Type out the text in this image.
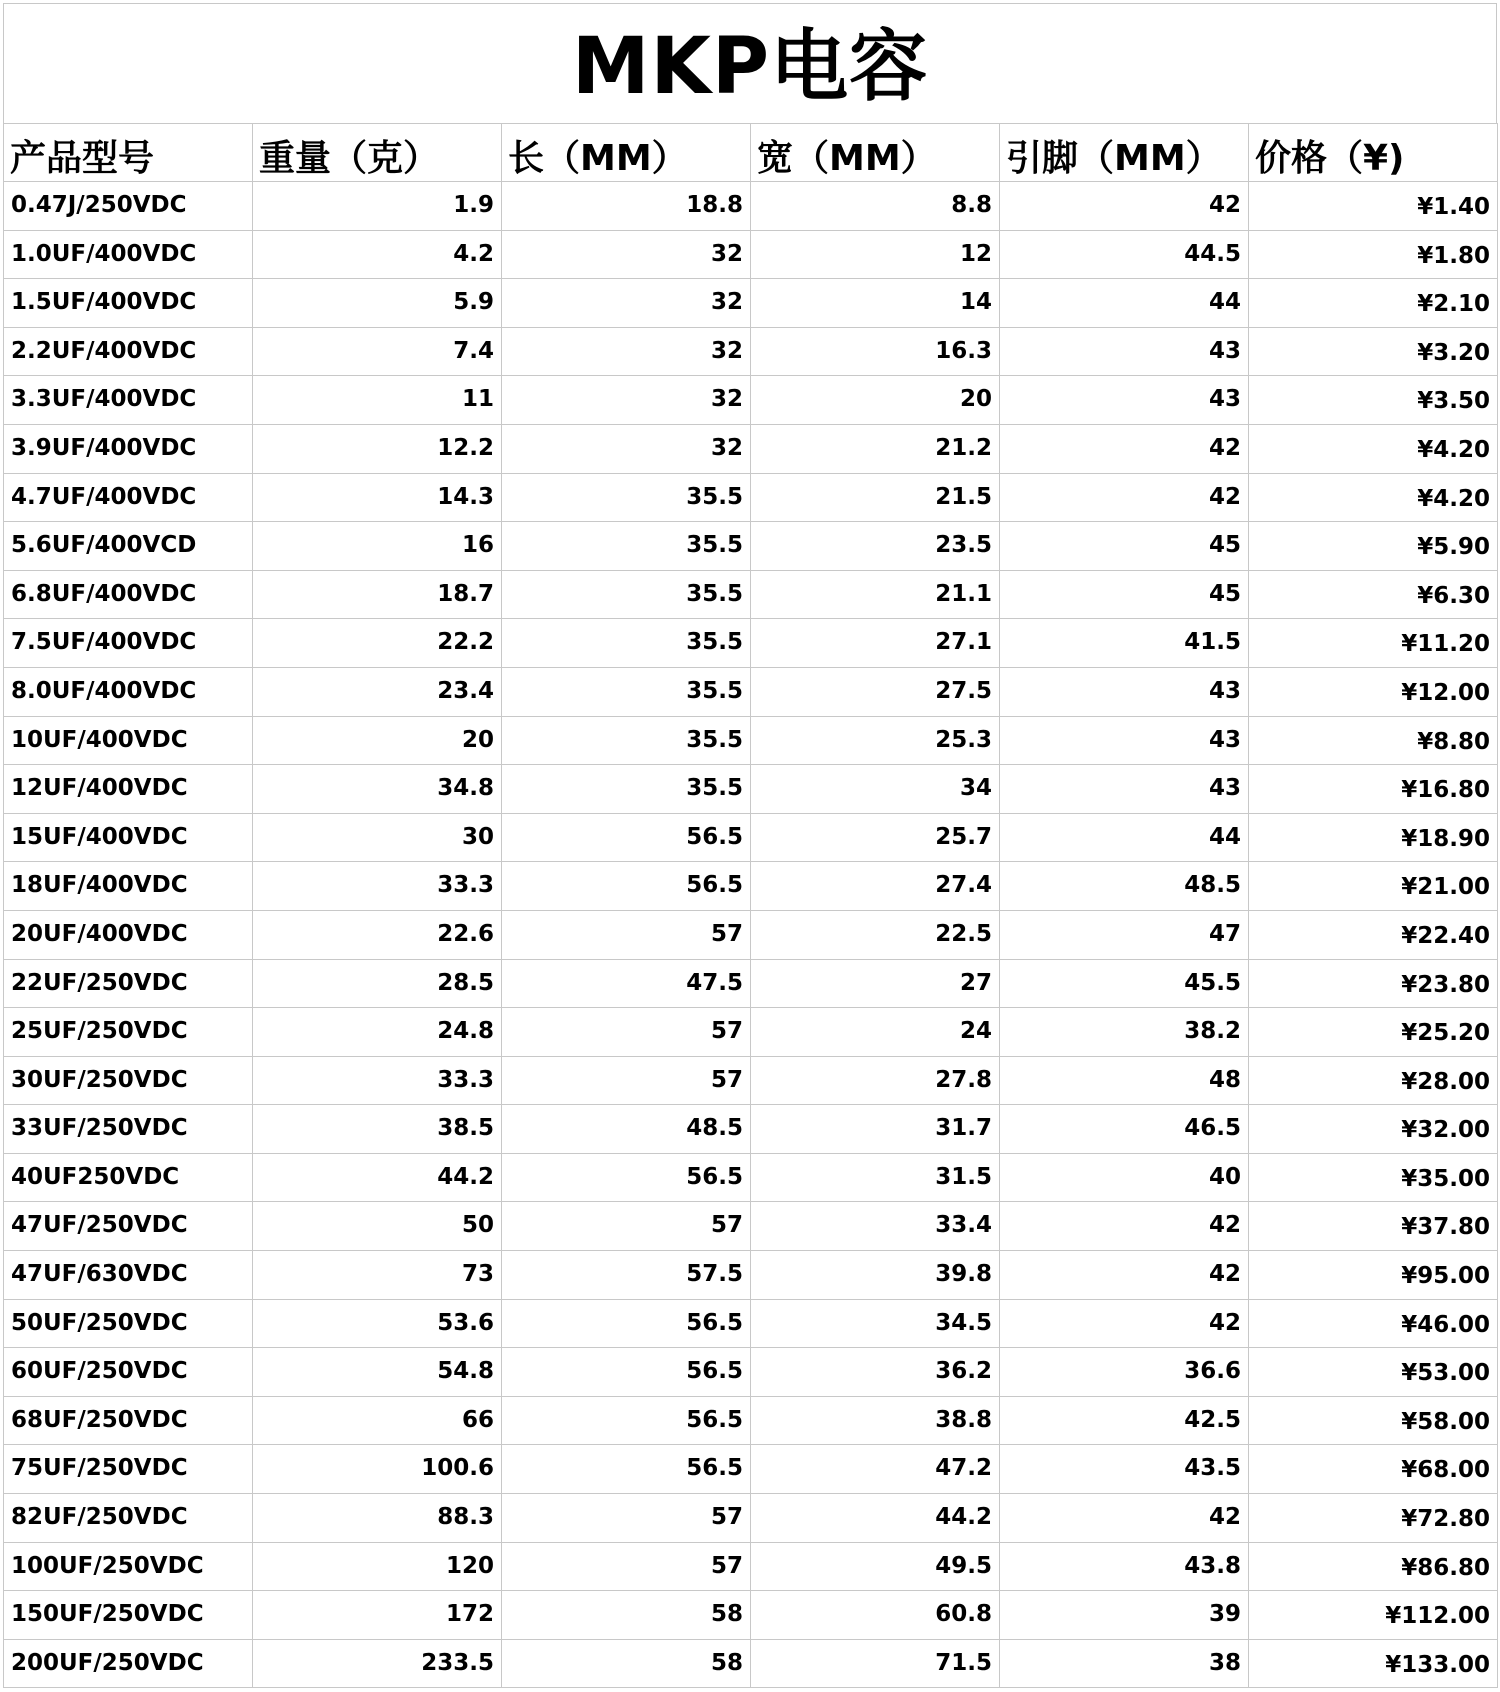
MKP电容
产品型号	重量（克）	长（MM）	宽（MM）	引脚（MM）	价格（¥)
0.47J/250VDC	1.9	18.8	8.8	42	¥1.40
1.0UF/400VDC	4.2	32	12	44.5	¥1.80
1.5UF/400VDC	5.9	32	14	44	¥2.10
2.2UF/400VDC	7.4	32	16.3	43	¥3.20
3.3UF/400VDC	11	32	20	43	¥3.50
3.9UF/400VDC	12.2	32	21.2	42	¥4.20
4.7UF/400VDC	14.3	35.5	21.5	42	¥4.20
5.6UF/400VCD	16	35.5	23.5	45	¥5.90
6.8UF/400VDC	18.7	35.5	21.1	45	¥6.30
7.5UF/400VDC	22.2	35.5	27.1	41.5	¥11.20
8.0UF/400VDC	23.4	35.5	27.5	43	¥12.00
10UF/400VDC	20	35.5	25.3	43	¥8.80
12UF/400VDC	34.8	35.5	34	43	¥16.80
15UF/400VDC	30	56.5	25.7	44	¥18.90
18UF/400VDC	33.3	56.5	27.4	48.5	¥21.00
20UF/400VDC	22.6	57	22.5	47	¥22.40
22UF/250VDC	28.5	47.5	27	45.5	¥23.80
25UF/250VDC	24.8	57	24	38.2	¥25.20
30UF/250VDC	33.3	57	27.8	48	¥28.00
33UF/250VDC	38.5	48.5	31.7	46.5	¥32.00
40UF250VDC	44.2	56.5	31.5	40	¥35.00
47UF/250VDC	50	57	33.4	42	¥37.80
47UF/630VDC	73	57.5	39.8	42	¥95.00
50UF/250VDC	53.6	56.5	34.5	42	¥46.00
60UF/250VDC	54.8	56.5	36.2	36.6	¥53.00
68UF/250VDC	66	56.5	38.8	42.5	¥58.00
75UF/250VDC	100.6	56.5	47.2	43.5	¥68.00
82UF/250VDC	88.3	57	44.2	42	¥72.80
100UF/250VDC	120	57	49.5	43.8	¥86.80
150UF/250VDC	172	58	60.8	39	¥112.00
200UF/250VDC	233.5	58	71.5	38	¥133.00
